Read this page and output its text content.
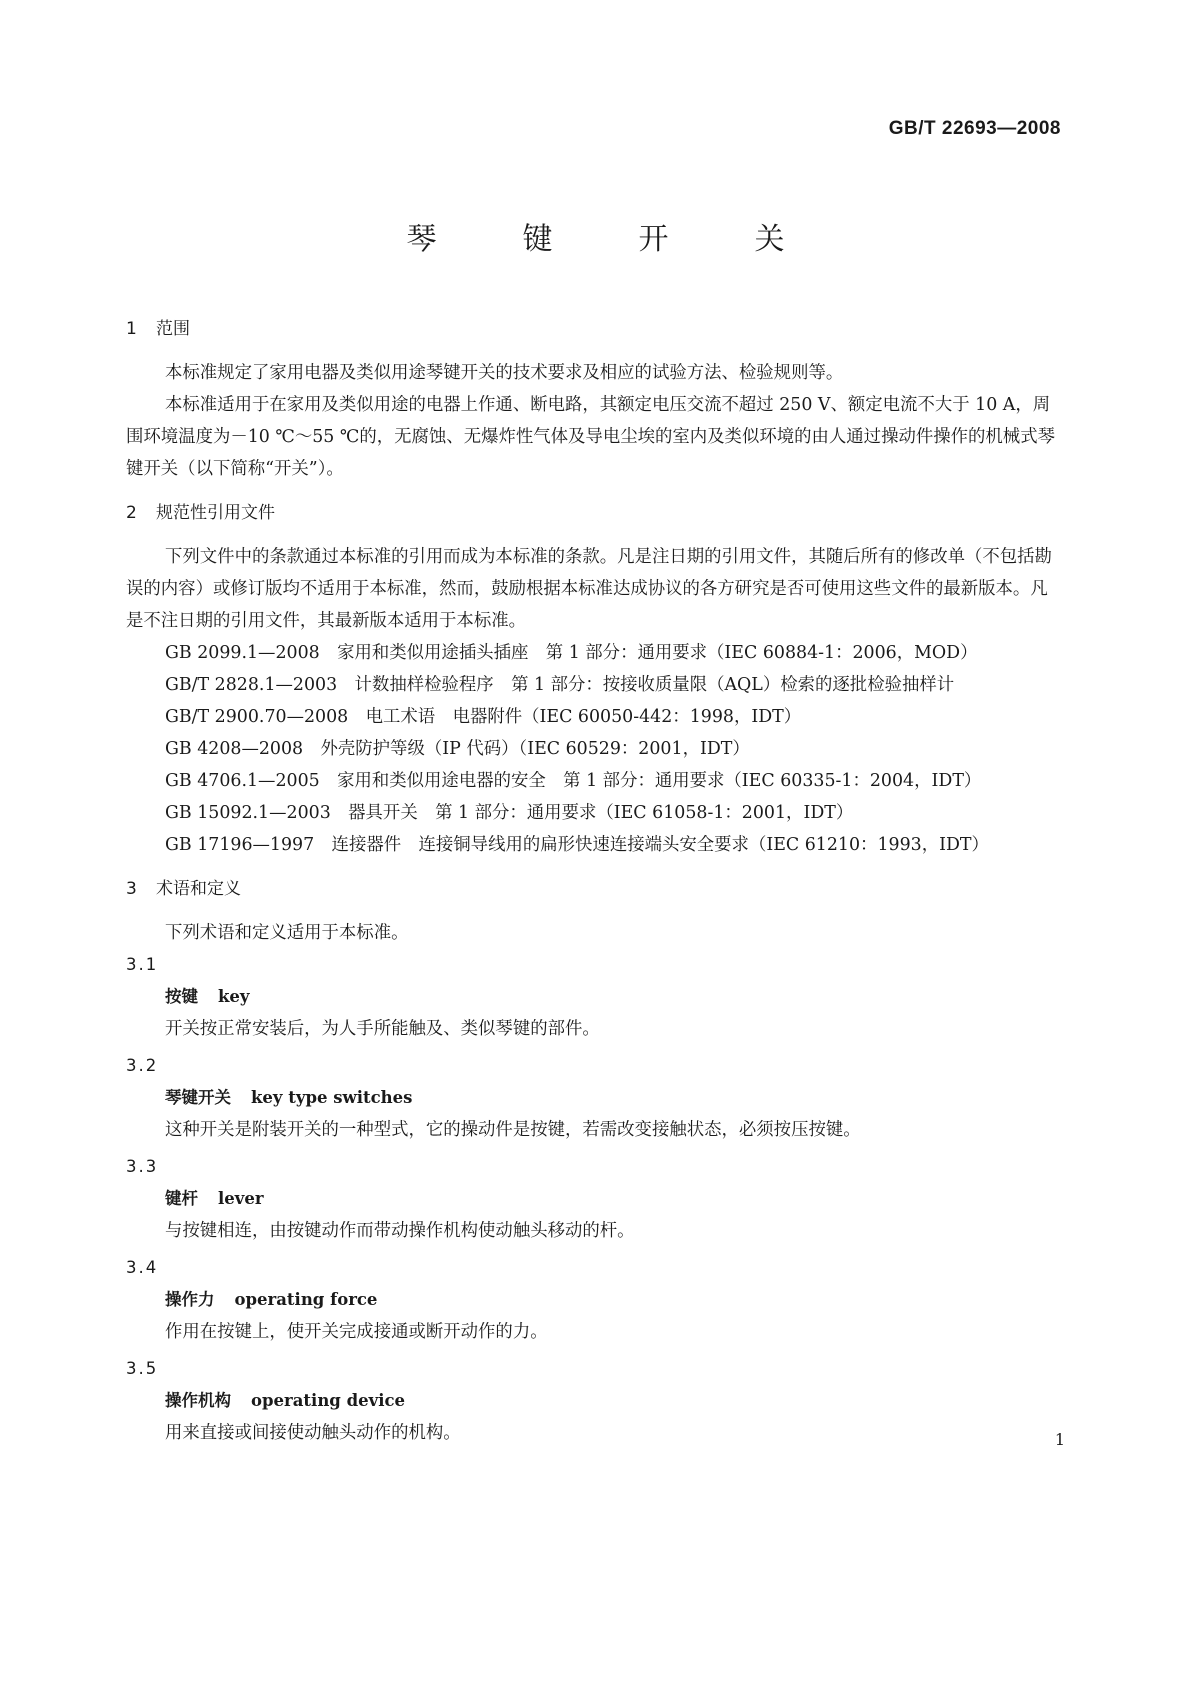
GB/T 22693—2008
琴　键　开　关
1 范围

本标准规定了家用电器及类似用途琴键开关的技术要求及相应的试验方法、检验规则等。

本标准适用于在家用及类似用途的电器上作通、断电路，其额定电压交流不超过 250 V、额定电流不大于 10 A，周围环境温度为－10 ℃～55 ℃的，无腐蚀、无爆炸性气体及导电尘埃的室内及类似环境的由人通过操动件操作的机械式琴键开关（以下简称“开关”）。

2 规范性引用文件

下列文件中的条款通过本标准的引用而成为本标准的条款。凡是注日期的引用文件，其随后所有的修改单（不包括勘误的内容）或修订版均不适用于本标准，然而，鼓励根据本标准达成协议的各方研究是否可使用这些文件的最新版本。凡是不注日期的引用文件，其最新版本适用于本标准。

GB 2099.1—2008　家用和类似用途插头插座　第 1 部分：通用要求（IEC 60884-1：2006，MOD）

GB/T 2828.1—2003　计数抽样检验程序　第 1 部分：按接收质量限（AQL）检索的逐批检验抽样计

GB/T 2900.70—2008　电工术语　电器附件（IEC 60050-442：1998，IDT）

GB 4208—2008　外壳防护等级（IP 代码）（IEC 60529：2001，IDT）

GB 4706.1—2005　家用和类似用途电器的安全　第 1 部分：通用要求（IEC 60335-1：2004，IDT）

GB 15092.1—2003　器具开关　第 1 部分：通用要求（IEC 61058-1：2001，IDT）

GB 17196—1997　连接器件　连接铜导线用的扁形快速连接端头安全要求（IEC 61210：1993，IDT）

3 术语和定义

下列术语和定义适用于本标准。

3.1
按键 key

开关按正常安装后，为人手所能触及、类似琴键的部件。

3.2
琴键开关 key type switches

这种开关是附装开关的一种型式，它的操动件是按键，若需改变接触状态，必须按压按键。

3.3
键杆 lever

与按键相连，由按键动作而带动操作机构使动触头移动的杆。

3.4
操作力 operating force

作用在按键上，使开关完成接通或断开动作的力。

3.5
操作机构 operating device

用来直接或间接使动触头动作的机构。	1
